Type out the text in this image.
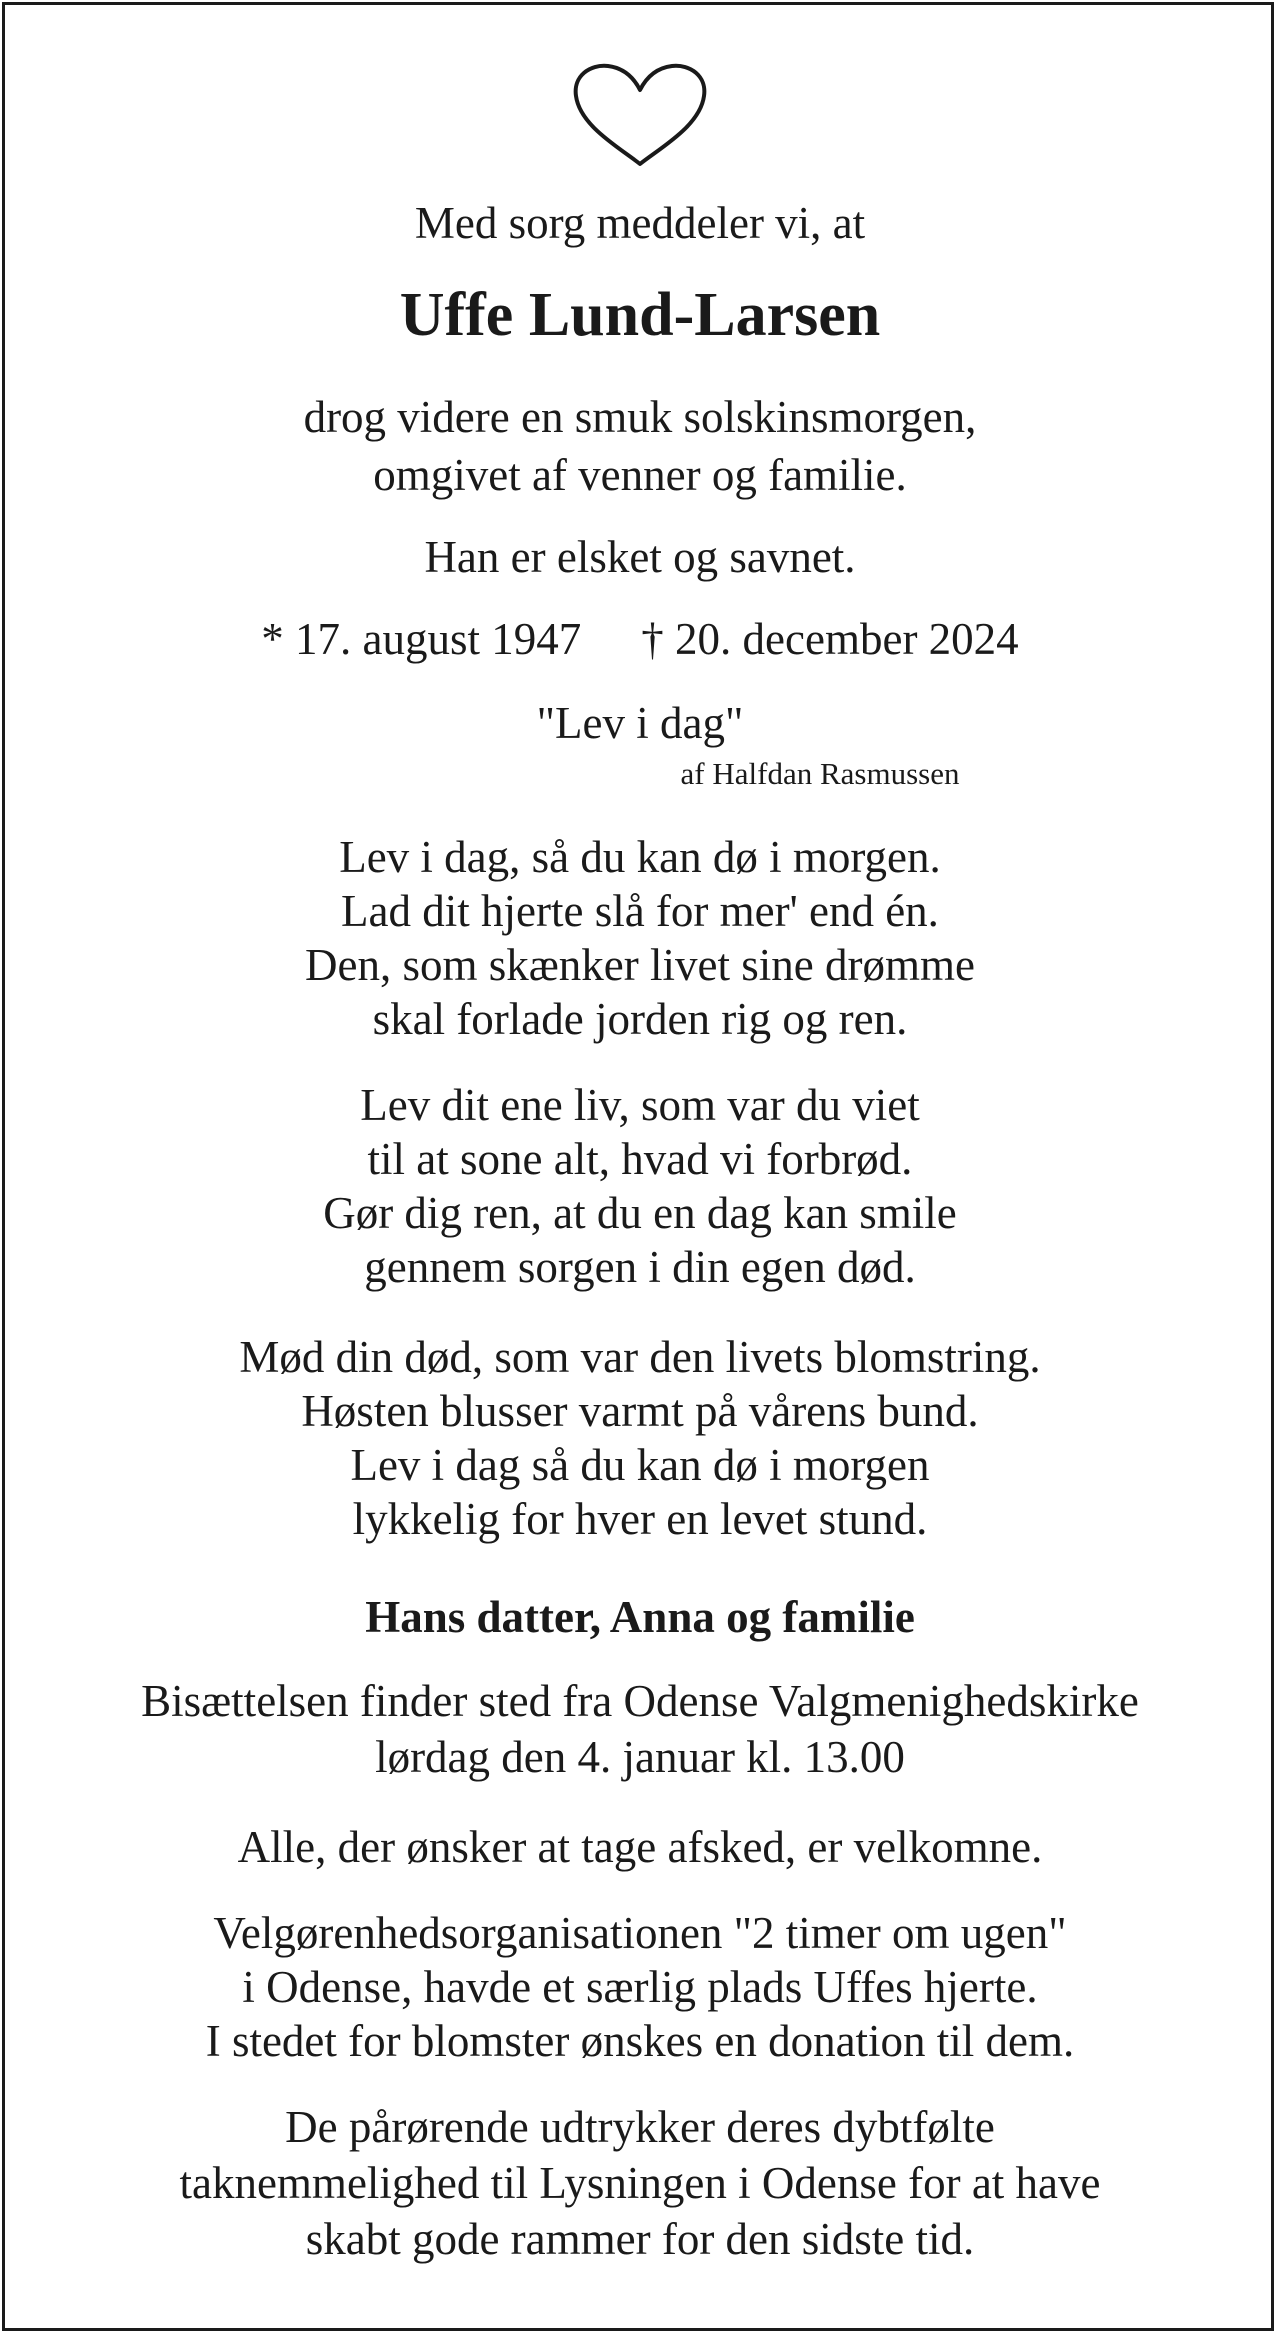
Med sorg meddeler vi, at
Uffe Lund-Larsen
drog videre en smuk solskinsmorgen,
omgivet af venner og familie.
Han er elsket og savnet.
* 17. august 1947 † 20. december 2024
"Lev i dag"
af Halfdan Rasmussen
Lev i dag, så du kan dø i morgen.
Lad dit hjerte slå for mer' end én.
Den, som skænker livet sine drømme
skal forlade jorden rig og ren.
Lev dit ene liv, som var du viet
til at sone alt, hvad vi forbrød.
Gør dig ren, at du en dag kan smile
gennem sorgen i din egen død.
Mød din død, som var den livets blomstring.
Høsten blusser varmt på vårens bund.
Lev i dag så du kan dø i morgen
lykkelig for hver en levet stund.
Hans datter, Anna og familie
Bisættelsen finder sted fra Odense Valgmenighedskirke
lørdag den 4. januar kl. 13.00
Alle, der ønsker at tage afsked, er velkomne.
Velgørenhedsorganisationen "2 timer om ugen"
i Odense, havde et særlig plads Uffes hjerte.
I stedet for blomster ønskes en donation til dem.
De pårørende udtrykker deres dybtfølte
taknemmelighed til Lysningen i Odense for at have
skabt gode rammer for den sidste tid.
